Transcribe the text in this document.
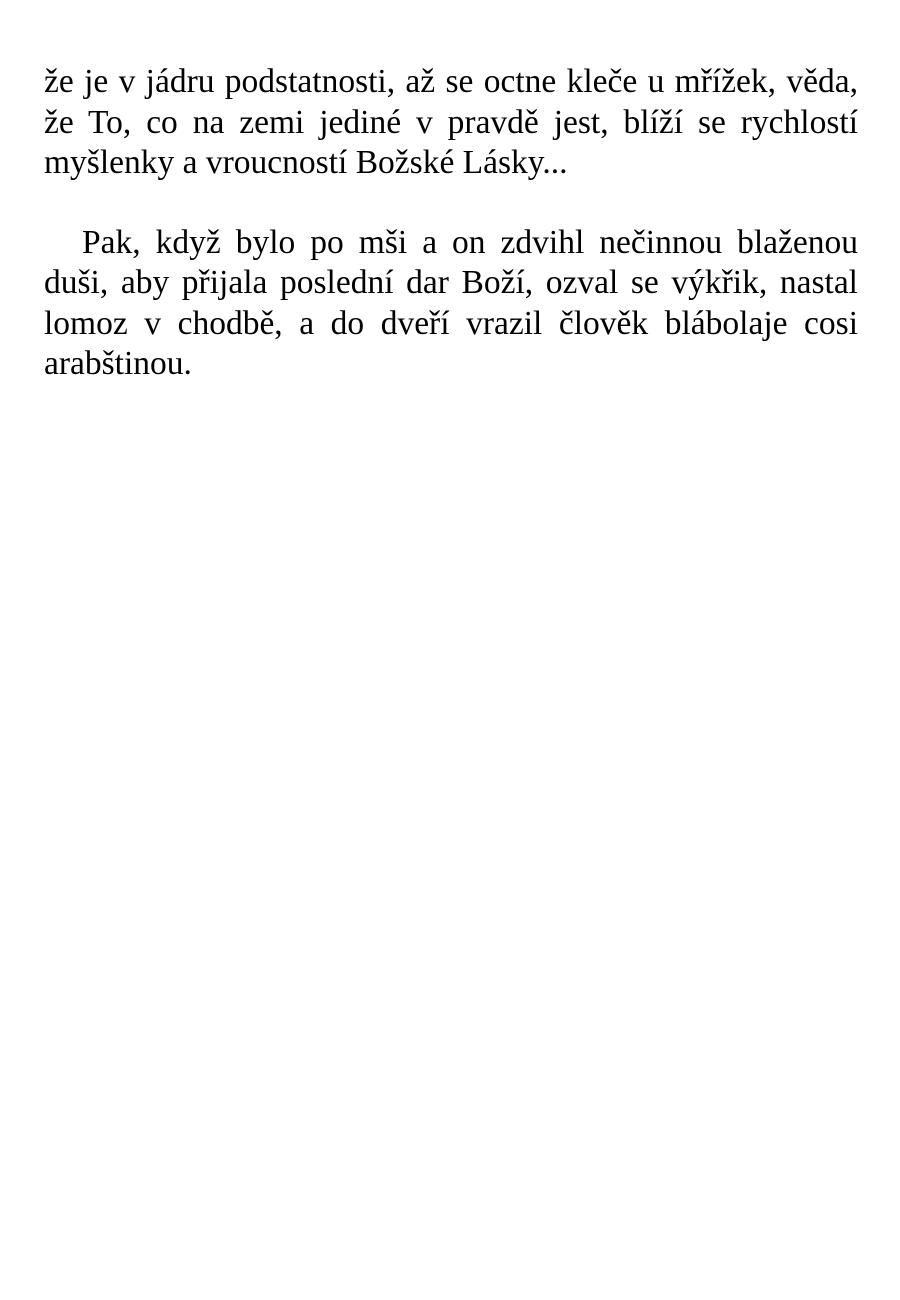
že je v jádru podstatnosti, až se octne kleče u mřížek, věda, že To, co na zemi jediné v pravdě jest, blíží se rychlostí myšlenky a vroucností Božské Lásky...

Pak, když bylo po mši a on zdvihl nečinnou blaženou duši, aby přijala poslední dar Boží, ozval se výkřik, nastal lomoz v chodbě, a do dveří vrazil člověk blábolaje cosi arabštinou.
